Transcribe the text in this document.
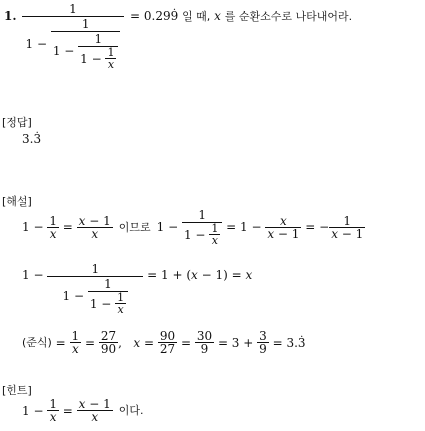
1.	1
1 −
1
1 −
1
$1 - \frac{1}{x}$
= 0.299 . 일 때, x 를 순환소수로 나타내어라.
[정답]
3.3 .
[해설]
$1 - \frac{1}{x} = \frac{x - 1}{x}$ 이므로 $1 - \frac{1}{1 - \frac{1}{x}} = 1 - \frac{x}{x - 1}$ = − $\frac{1}{x - 1}$
$1 - \frac{1}{1 - \frac{1}{1 - \frac{1}{x}}} = 1 + (x - 1) = x$
(준식) = $\frac{1}{x} = \frac{27}{90}$ ,   $x = \frac{90}{27} = \frac{30}{9} = 3 + \frac{3}{9} = 3$. 3 .
[힌트]
$1 - \frac{1}{x} = \frac{x - 1}{x}$ 이다.
